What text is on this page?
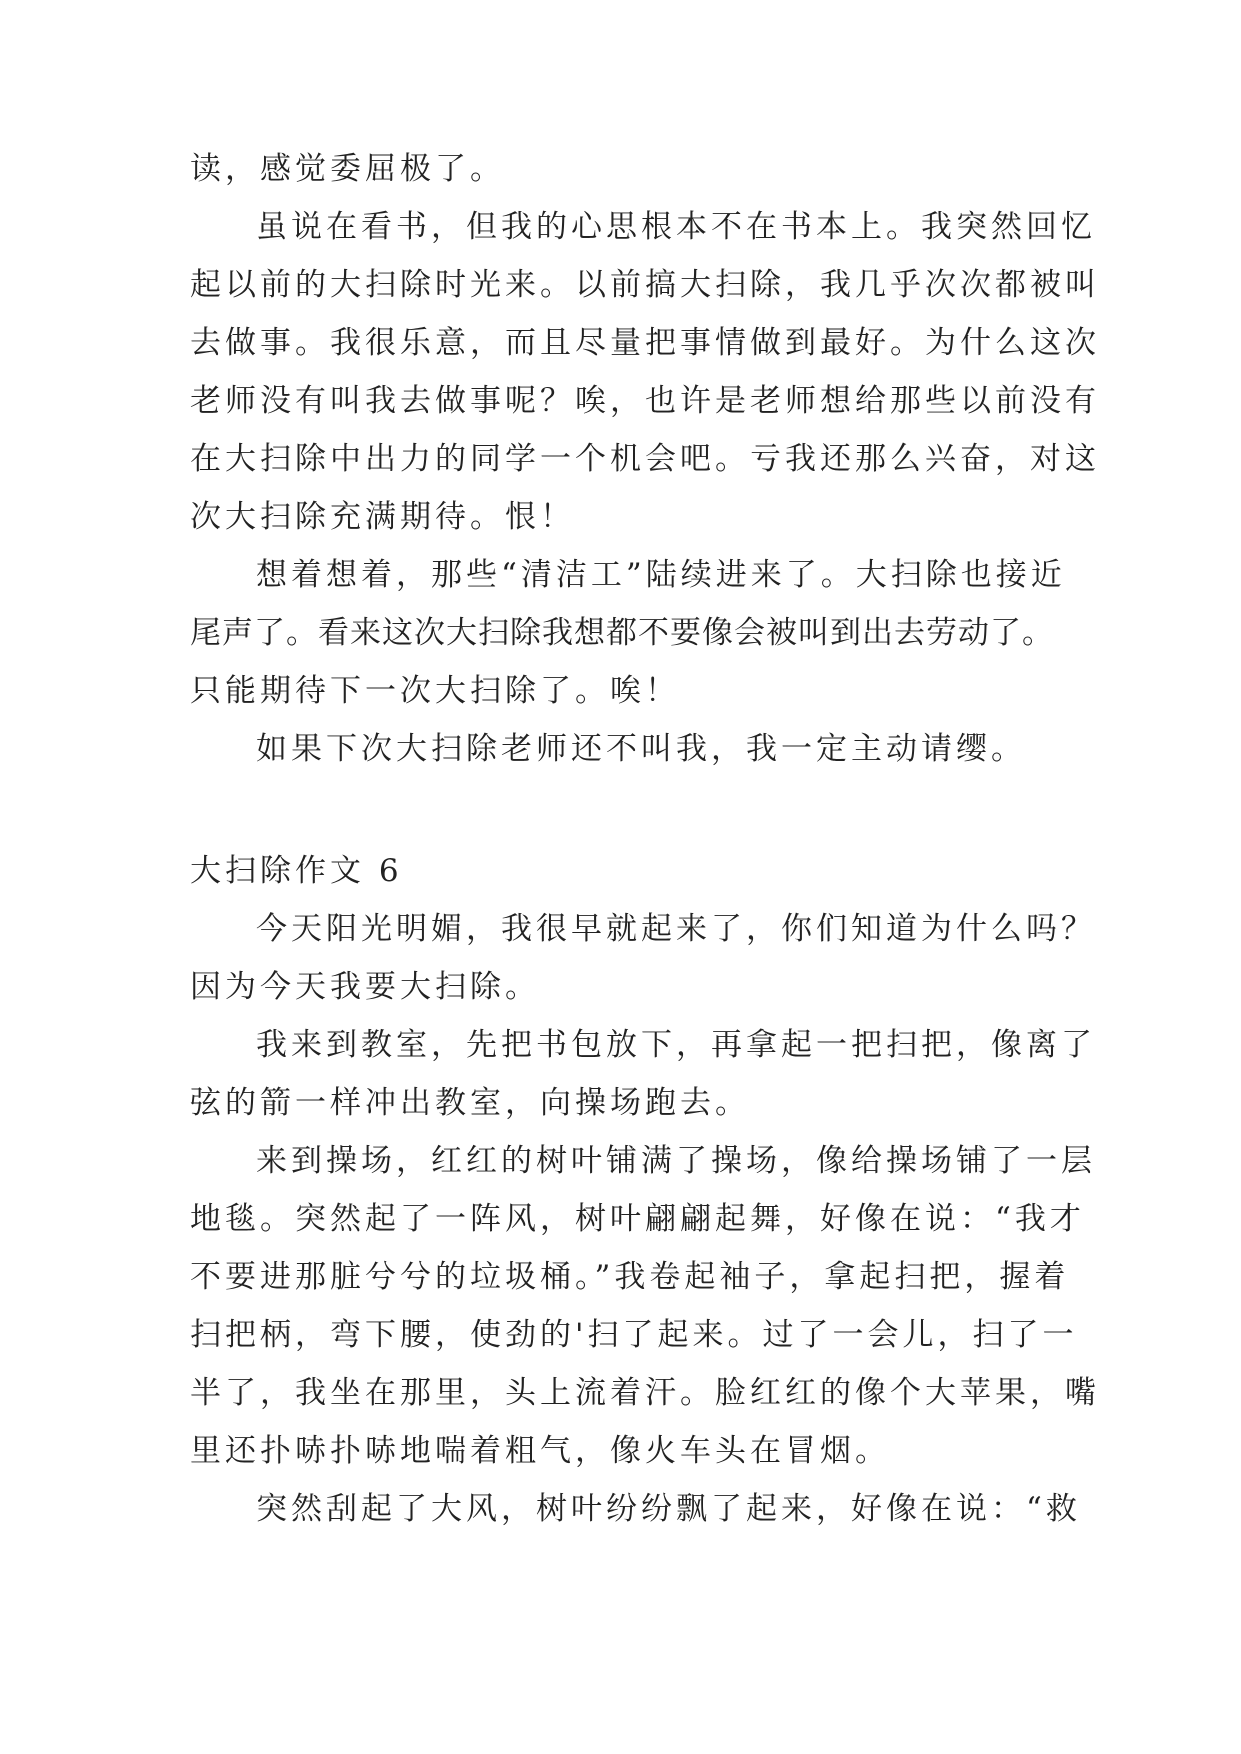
读，感觉委屈极了。
虽说在看书，但我的心思根本不在书本上。我突然回忆
起以前的大扫除时光来。以前搞大扫除，我几乎次次都被叫
去做事。我很乐意，而且尽量把事情做到最好。为什么这次
老师没有叫我去做事呢？唉，也许是老师想给那些以前没有
在大扫除中出力的同学一个机会吧。亏我还那么兴奋，对这
次大扫除充满期待。恨！
想着想着，那些“清洁工”陆续进来了。大扫除也接近
尾声了。看来这次大扫除我想都不要像会被叫到出去劳动了。
只能期待下一次大扫除了。唉！
如果下次大扫除老师还不叫我，我一定主动请缨。
大扫除作文 6
今天阳光明媚，我很早就起来了，你们知道为什么吗？
因为今天我要大扫除。
我来到教室，先把书包放下，再拿起一把扫把，像离了
弦的箭一样冲出教室，向操场跑去。
来到操场，红红的树叶铺满了操场，像给操场铺了一层
地毯。突然起了一阵风，树叶翩翩起舞，好像在说：“我才
不要进那脏兮兮的垃圾桶。”我卷起袖子，拿起扫把，握着
扫把柄，弯下腰，使劲的'扫了起来。过了一会儿，扫了一
半了，我坐在那里，头上流着汗。脸红红的像个大苹果，嘴
里还扑哧扑哧地喘着粗气，像火车头在冒烟。
突然刮起了大风，树叶纷纷飘了起来，好像在说：“救
